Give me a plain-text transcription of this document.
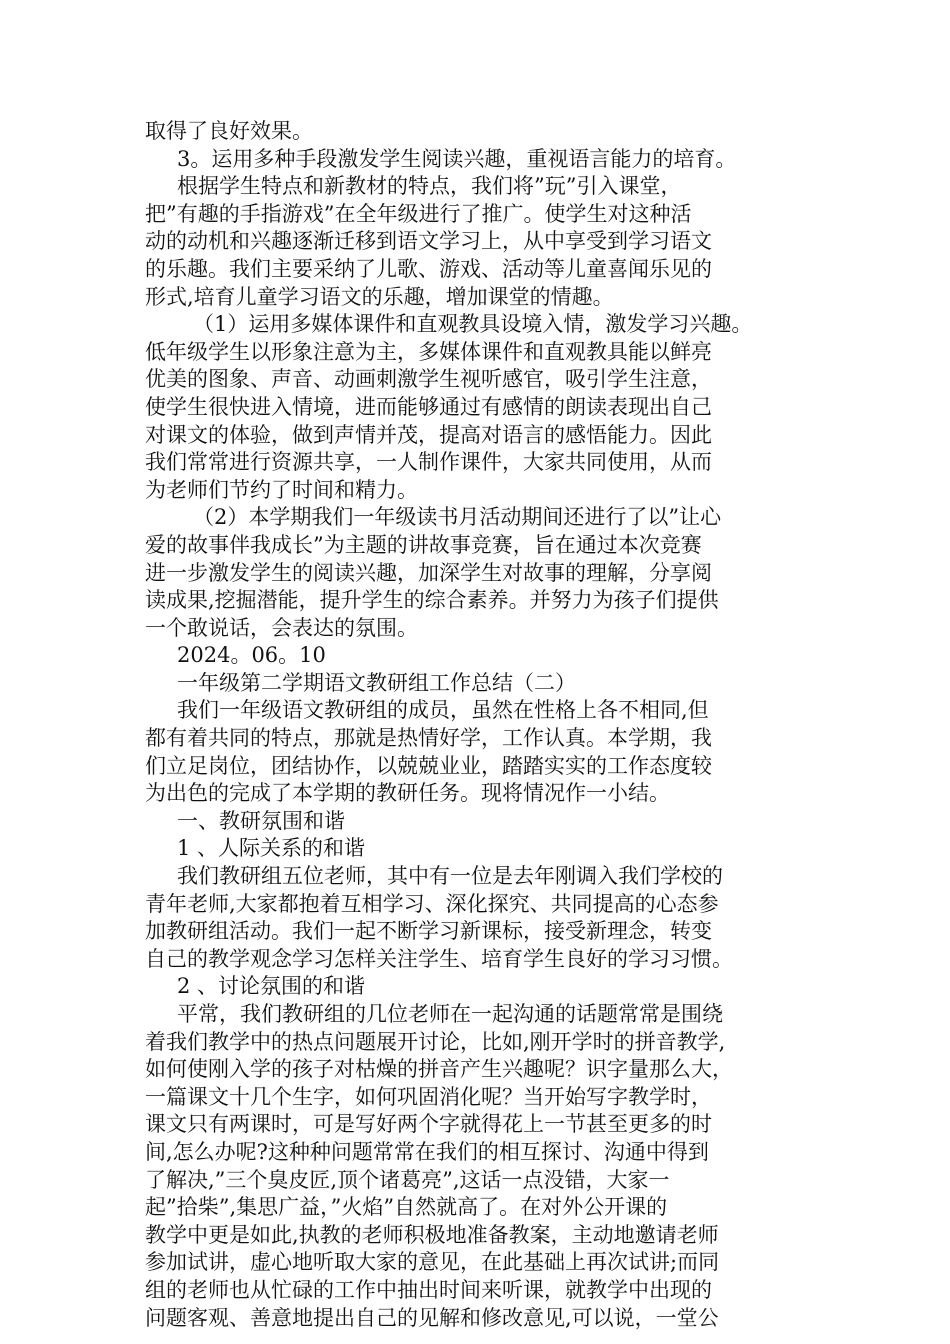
取得了良好效果。
3。运用多种手段激发学生阅读兴趣，重视语言能力的培育。
根据学生特点和新教材的特点，我们将”玩”引入课堂，
把”有趣的手指游戏”在全年级进行了推广。使学生对这种活
动的动机和兴趣逐渐迁移到语文学习上，从中享受到学习语文
的乐趣。我们主要采纳了儿歌、游戏、活动等儿童喜闻乐见的
形式,培育儿童学习语文的乐趣，增加课堂的情趣。
（1）运用多媒体课件和直观教具设境入情，激发学习兴趣。
低年级学生以形象注意为主，多媒体课件和直观教具能以鲜亮
优美的图象、声音、动画刺激学生视听感官，吸引学生注意，
使学生很快进入情境，进而能够通过有感情的朗读表现出自己
对课文的体验，做到声情并茂，提高对语言的感悟能力。因此
我们常常进行资源共享，一人制作课件，大家共同使用，从而
为老师们节约了时间和精力。
（2）本学期我们一年级读书月活动期间还进行了以”让心
爱的故事伴我成长”为主题的讲故事竞赛，旨在通过本次竞赛
进一步激发学生的阅读兴趣，加深学生对故事的理解，分享阅
读成果,挖掘潜能，提升学生的综合素养。并努力为孩子们提供
一个敢说话，会表达的氛围。
2024。06。10
一年级第二学期语文教研组工作总结（二）
我们一年级语文教研组的成员，虽然在性格上各不相同,但
都有着共同的特点，那就是热情好学，工作认真。本学期，我
们立足岗位，团结协作，以兢兢业业，踏踏实实的工作态度较
为出色的完成了本学期的教研任务。现将情况作一小结。
一、教研氛围和谐
1 、人际关系的和谐
我们教研组五位老师，其中有一位是去年刚调入我们学校的
青年老师,大家都抱着互相学习、深化探究、共同提高的心态参
加教研组活动。我们一起不断学习新课标，接受新理念，转变
自己的教学观念学习怎样关注学生、培育学生良好的学习习惯。
2 、讨论氛围的和谐
平常，我们教研组的几位老师在一起沟通的话题常常是围绕
着我们教学中的热点问题展开讨论，比如,刚开学时的拼音教学,
如何使刚入学的孩子对枯燥的拼音产生兴趣呢？识字量那么大，
一篇课文十几个生字，如何巩固消化呢？当开始写字教学时，
课文只有两课时，可是写好两个字就得花上一节甚至更多的时
间,怎么办呢?这种种问题常常在我们的相互探讨、沟通中得到
了解决,”三个臭皮匠,顶个诸葛亮”,这话一点没错，大家一
起”拾柴”,集思广益，”火焰”自然就高了。在对外公开课的
教学中更是如此,执教的老师积极地准备教案，主动地邀请老师
参加试讲，虚心地听取大家的意见，在此基础上再次试讲;而同
组的老师也从忙碌的工作中抽出时间来听课，就教学中出现的
问题客观、善意地提出自己的见解和修改意见,可以说，一堂公
